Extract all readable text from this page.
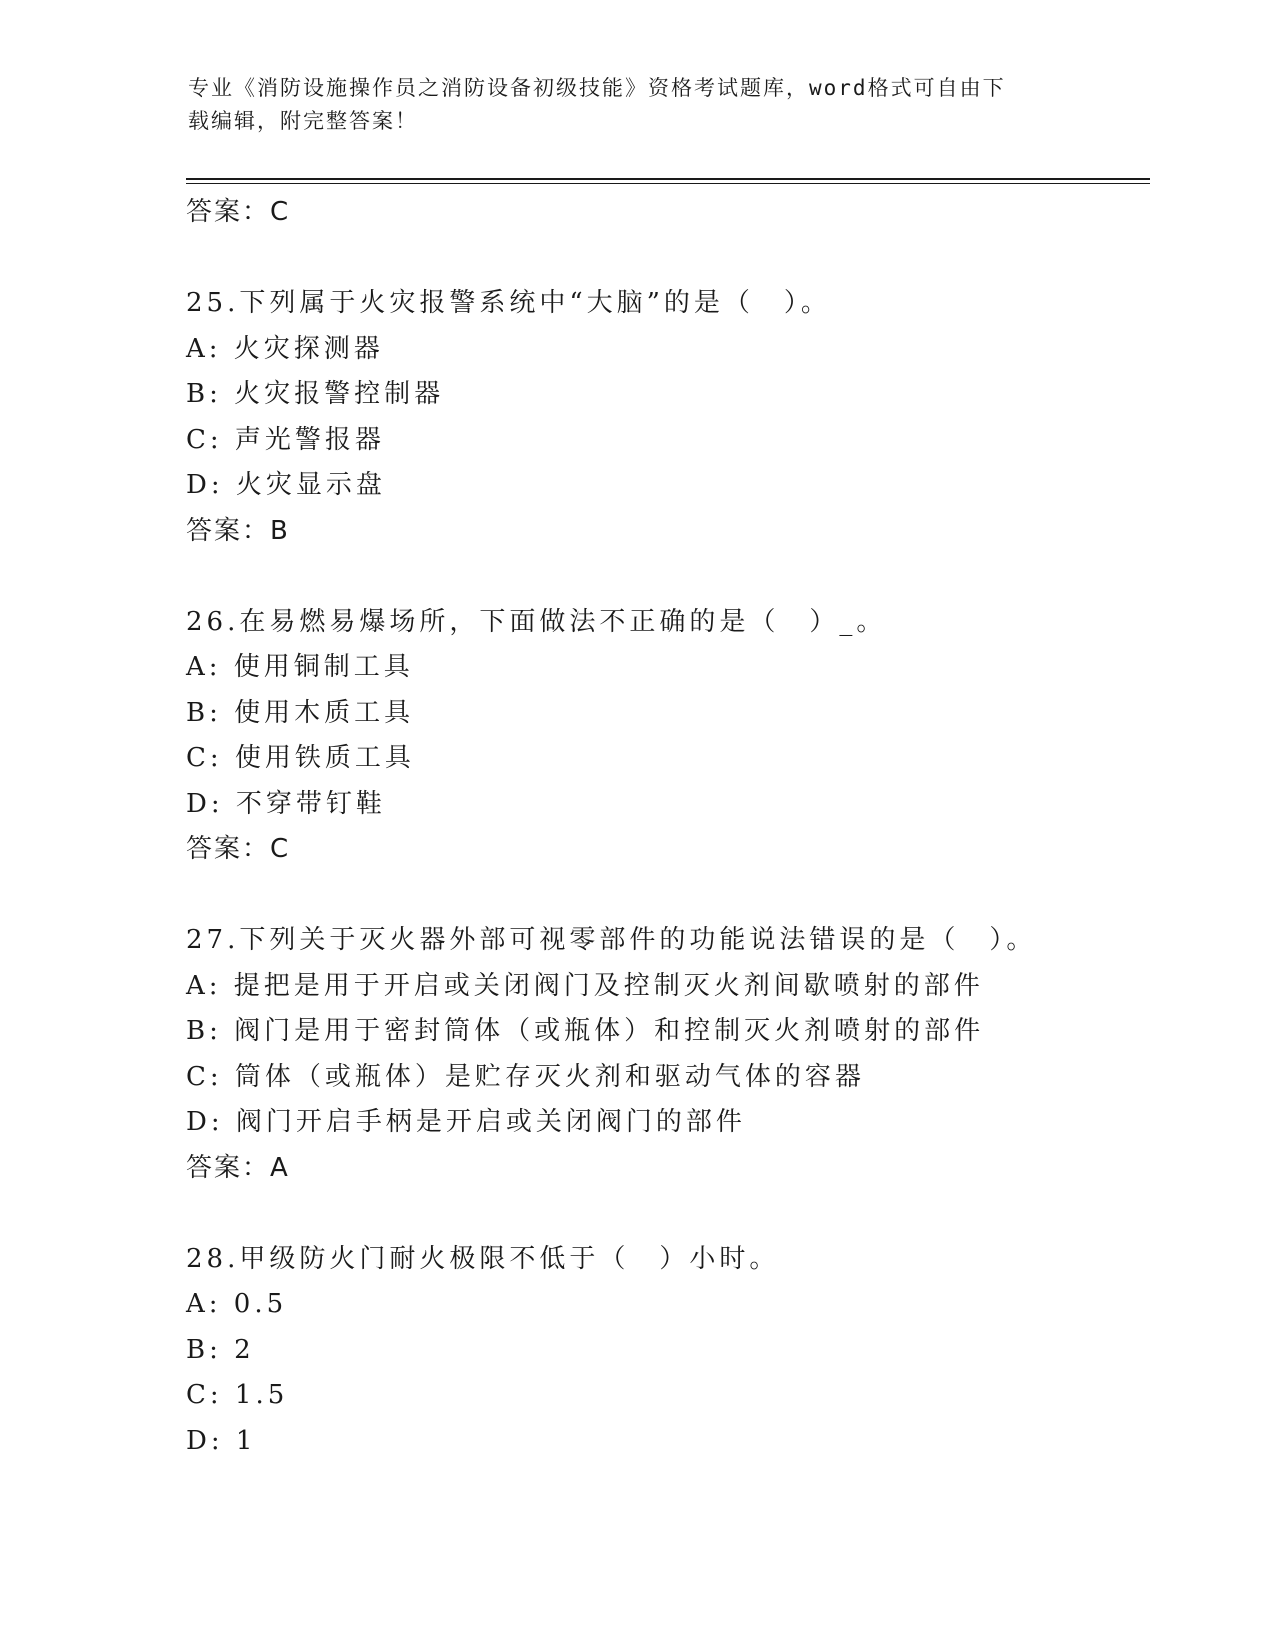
专业《消防设施操作员之消防设备初级技能》资格考试题库，word格式可自由下
载编辑，附完整答案！
答案：C
25.下列属于火灾报警系统中“大脑”的是（　）。
A: 火灾探测器
B: 火灾报警控制器
C: 声光警报器
D: 火灾显示盘
答案：B
26.在易燃易爆场所，下面做法不正确的是（　）_。
A: 使用铜制工具
B: 使用木质工具
C: 使用铁质工具
D: 不穿带钉鞋
答案：C
27.下列关于灭火器外部可视零部件的功能说法错误的是（　）。
A: 提把是用于开启或关闭阀门及控制灭火剂间歇喷射的部件
B: 阀门是用于密封筒体（或瓶体）和控制灭火剂喷射的部件
C: 筒体（或瓶体）是贮存灭火剂和驱动气体的容器
D: 阀门开启手柄是开启或关闭阀门的部件
答案：A
28.甲级防火门耐火极限不低于（　）小时。
A: 0.5
B: 2
C: 1.5
D: 1
